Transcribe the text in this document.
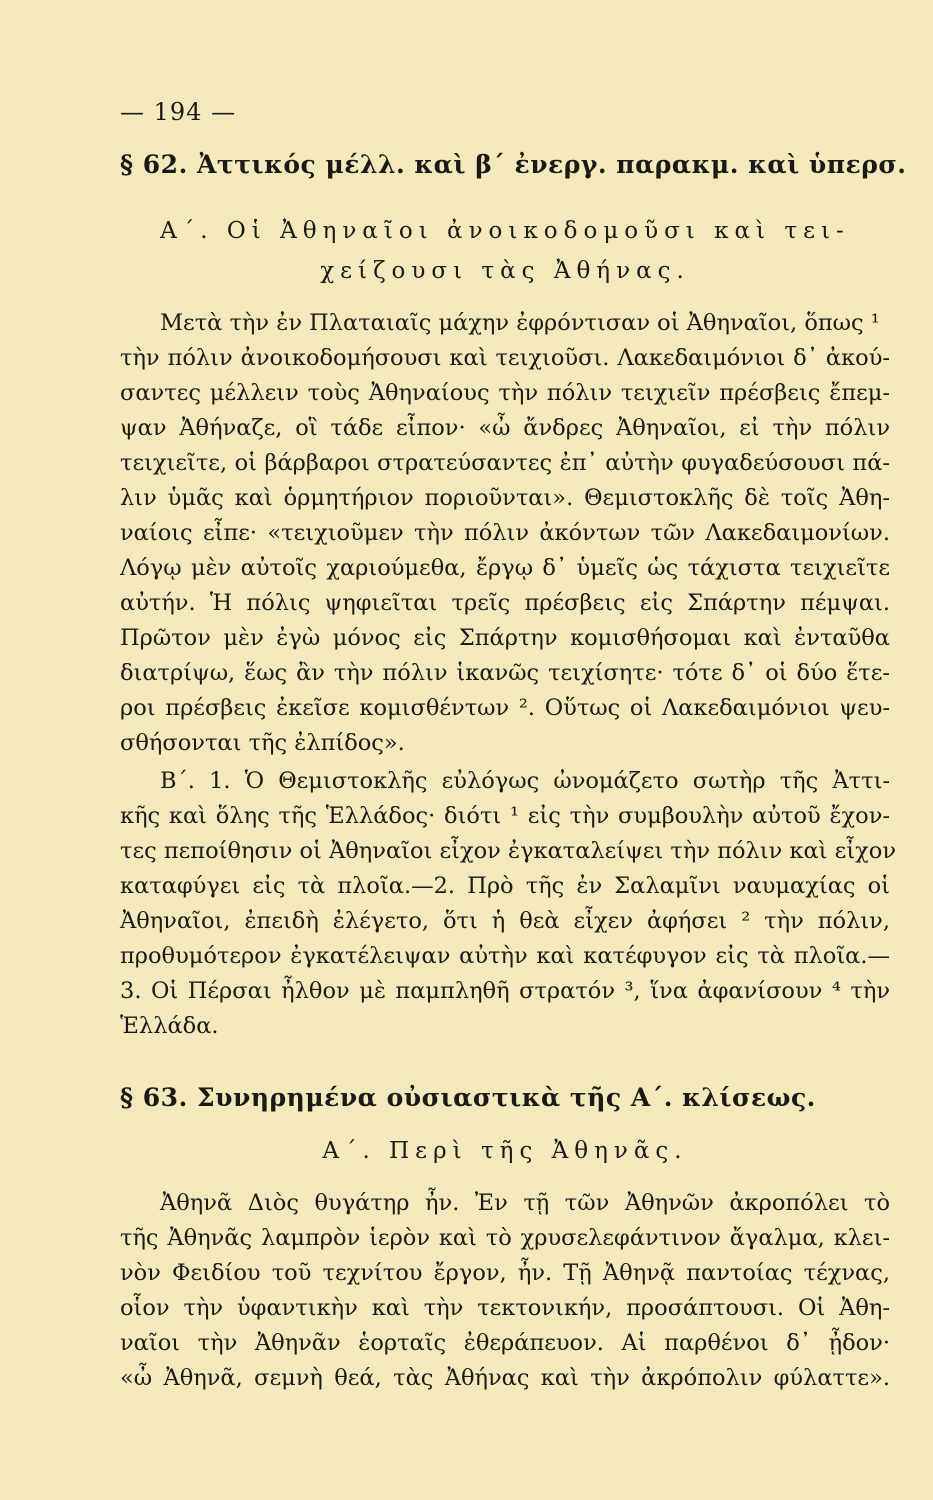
— 194 —
§ 62. Ἀττικός μέλλ. καὶ β΄ ἐνεργ. παρακμ. καὶ ὑπερσ.
Α΄. Οἱ Ἀθηναῖοι ἀνοικοδομοῦσι καὶ τει-
χείζουσι τὰς Ἀθήνας.
Μετὰ τὴν ἐν Πλαταιαῖς μάχην ἐφρόντισαν οἱ Ἀθηναῖοι, ὅπως ¹
τὴν πόλιν ἀνοικοδομήσουσι καὶ τειχιοῦσι. Λακεδαιμόνιοι δ᾽ ἀκού-
σαντες μέλλειν τοὺς Ἀθηναίους τὴν πόλιν τειχιεῖν πρέσβεις ἔπεμ-
ψαν Ἀθήναζε, οἳ τάδε εἶπον· «ὦ ἄνδρες Ἀθηναῖοι, εἰ τὴν πόλιν
τειχιεῖτε, οἱ βάρβαροι στρατεύσαντες ἐπ᾽ αὐτὴν φυγαδεύσουσι πά-
λιν ὑμᾶς καὶ ὁρμητήριον ποριοῦνται». Θεμιστοκλῆς δὲ τοῖς Ἀθη-
ναίοις εἶπε· «τειχιοῦμεν τὴν πόλιν ἀκόντων τῶν Λακεδαιμονίων.
Λόγῳ μὲν αὐτοῖς χαριούμεθα, ἔργῳ δ᾽ ὑμεῖς ὡς τάχιστα τειχιεῖτε
αὐτήν. Ἡ πόλις ψηφιεῖται τρεῖς πρέσβεις εἰς Σπάρτην πέμψαι.
Πρῶτον μὲν ἐγὼ μόνος εἰς Σπάρτην κομισθήσομαι καὶ ἐνταῦθα
διατρίψω, ἕως ἂν τὴν πόλιν ἱκανῶς τειχίσητε· τότε δ᾽ οἱ δύο ἕτε-
ροι πρέσβεις ἐκεῖσε κομισθέντων ². Οὕτως οἱ Λακεδαιμόνιοι ψευ-
σθήσονται τῆς ἐλπίδος».
Β΄. 1. Ὁ Θεμιστοκλῆς εὐλόγως ὠνομάζετο σωτὴρ τῆς Ἀττι-
κῆς καὶ ὅλης τῆς Ἑλλάδος· διότι ¹ εἰς τὴν συμβουλὴν αὐτοῦ ἔχον-
τες πεποίθησιν οἱ Ἀθηναῖοι εἶχον ἐγκαταλείψει τὴν πόλιν καὶ εἶχον
καταφύγει εἰς τὰ πλοῖα.—2. Πρὸ τῆς ἐν Σαλαμῖνι ναυμαχίας οἱ
Ἀθηναῖοι, ἐπειδὴ ἐλέγετο, ὅτι ἡ θεὰ εἶχεν ἀφήσει ² τὴν πόλιν,
προθυμότερον ἐγκατέλειψαν αὐτὴν καὶ κατέφυγον εἰς τὰ πλοῖα.—
3. Οἱ Πέρσαι ἦλθον μὲ παμπληθῆ στρατόν ³, ἵνα ἀφανίσουν ⁴ τὴν
Ἑλλάδα.
§ 63. Συνηρημένα οὐσιαστικὰ τῆς Α΄. κλίσεως.
Α΄. Περὶ τῆς Ἀθηνᾶς.
Ἀθηνᾶ Διὸς θυγάτηρ ἦν. Ἐν τῇ τῶν Ἀθηνῶν ἀκροπόλει τὸ
τῆς Ἀθηνᾶς λαμπρὸν ἱερὸν καὶ τὸ χρυσελεφάντινον ἄγαλμα, κλει-
νὸν Φειδίου τοῦ τεχνίτου ἔργον, ἦν. Τῇ Ἀθηνᾷ παντοίας τέχνας,
οἷον τὴν ὑφαντικὴν καὶ τὴν τεκτονικήν, προσάπτουσι. Οἱ Ἀθη-
ναῖοι τὴν Ἀθηνᾶν ἑορταῖς ἐθεράπευον. Αἱ παρθένοι δ᾽ ᾖδον·
«ὦ Ἀθηνᾶ, σεμνὴ θεά, τὰς Ἀθήνας καὶ τὴν ἀκρόπολιν φύλαττε».
